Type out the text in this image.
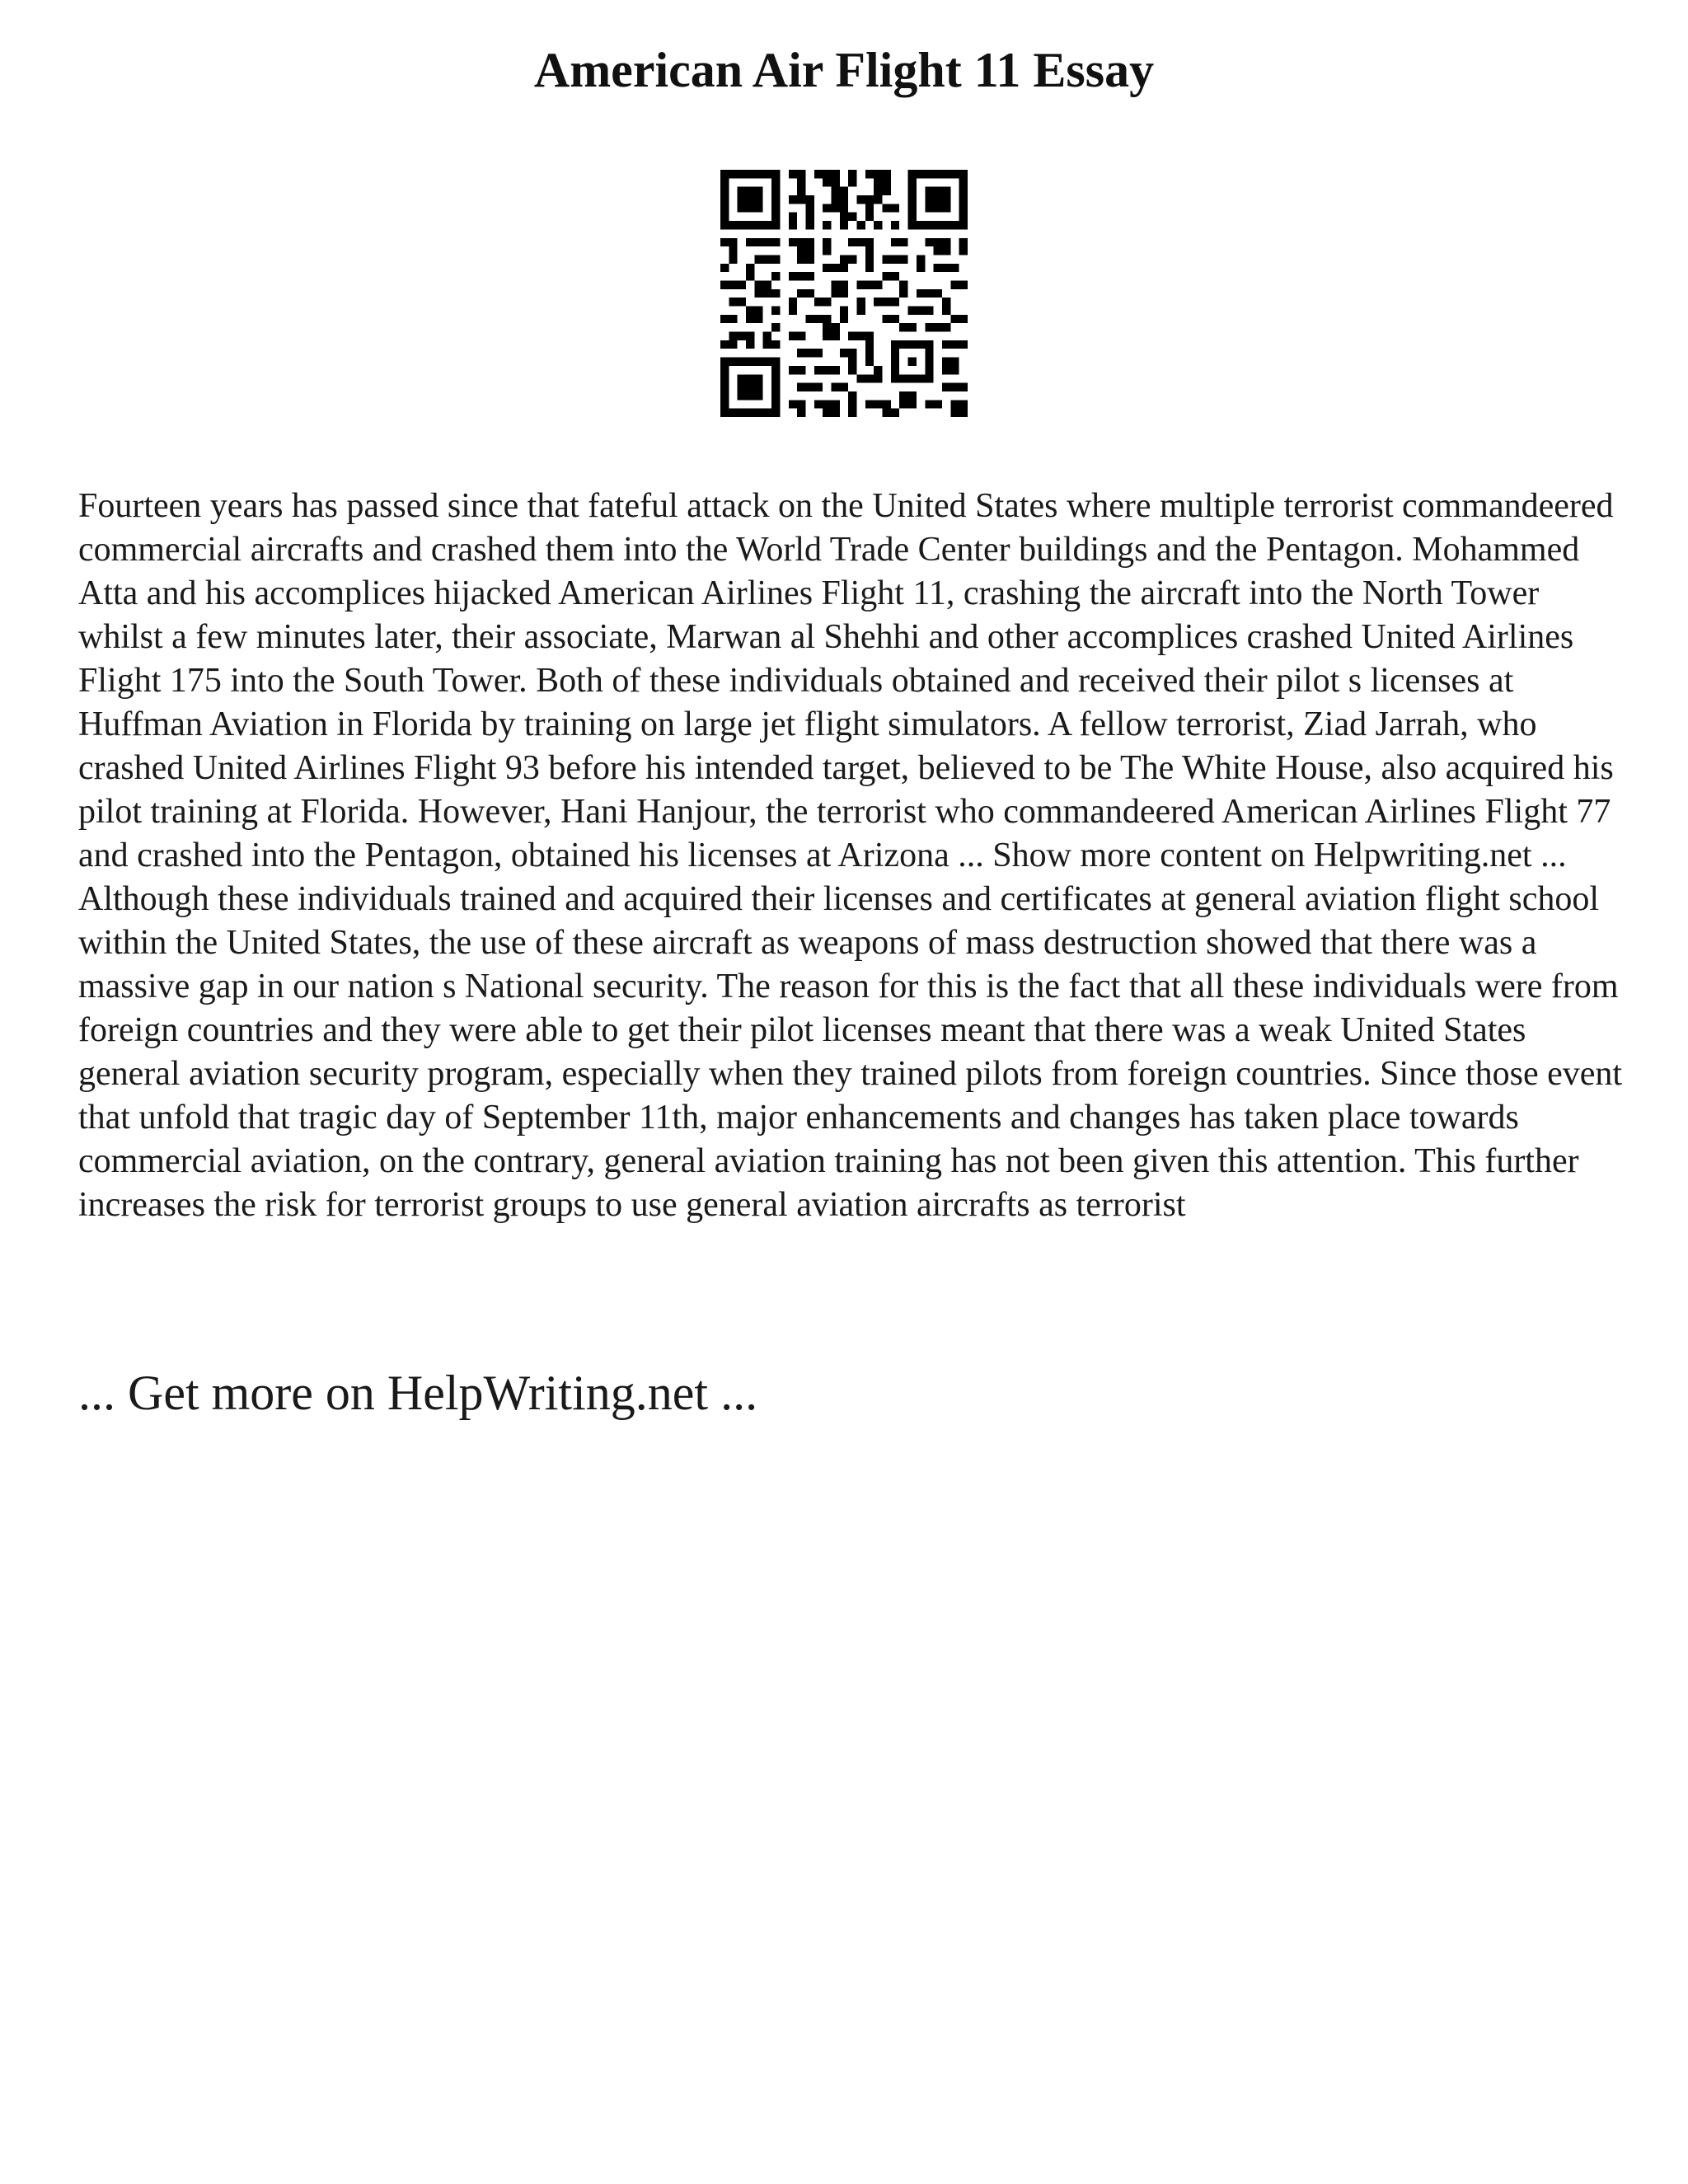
American Air Flight 11 Essay

Fourteen years has passed since that fateful attack on the United States where multiple terrorist commandeered commercial aircrafts and crashed them into the World Trade Center buildings and the Pentagon. Mohammed Atta and his accomplices hijacked American Airlines Flight 11, crashing the aircraft into the North Tower whilst a few minutes later, their associate, Marwan al Shehhi and other accomplices crashed United Airlines Flight 175 into the South Tower. Both of these individuals obtained and received their pilot s licenses at Huffman Aviation in Florida by training on large jet flight simulators. A fellow terrorist, Ziad Jarrah, who crashed United Airlines Flight 93 before his intended target, believed to be The White House, also acquired his pilot training at Florida. However, Hani Hanjour, the terrorist who commandeered American Airlines Flight 77 and crashed into the Pentagon, obtained his licenses at Arizona ... Show more content on Helpwriting.net ...

Although these individuals trained and acquired their licenses and certificates at general aviation flight school within the United States, the use of these aircraft as weapons of mass destruction showed that there was a massive gap in our nation s National security. The reason for this is the fact that all these individuals were from foreign countries and they were able to get their pilot licenses meant that there was a weak United States general aviation security program, especially when they trained pilots from foreign countries. Since those event that unfold that tragic day of September 11th, major enhancements and changes has taken place towards commercial aviation, on the contrary, general aviation training has not been given this attention. This further increases the risk for terrorist groups to use general aviation aircrafts as terrorist

... Get more on HelpWriting.net ...
